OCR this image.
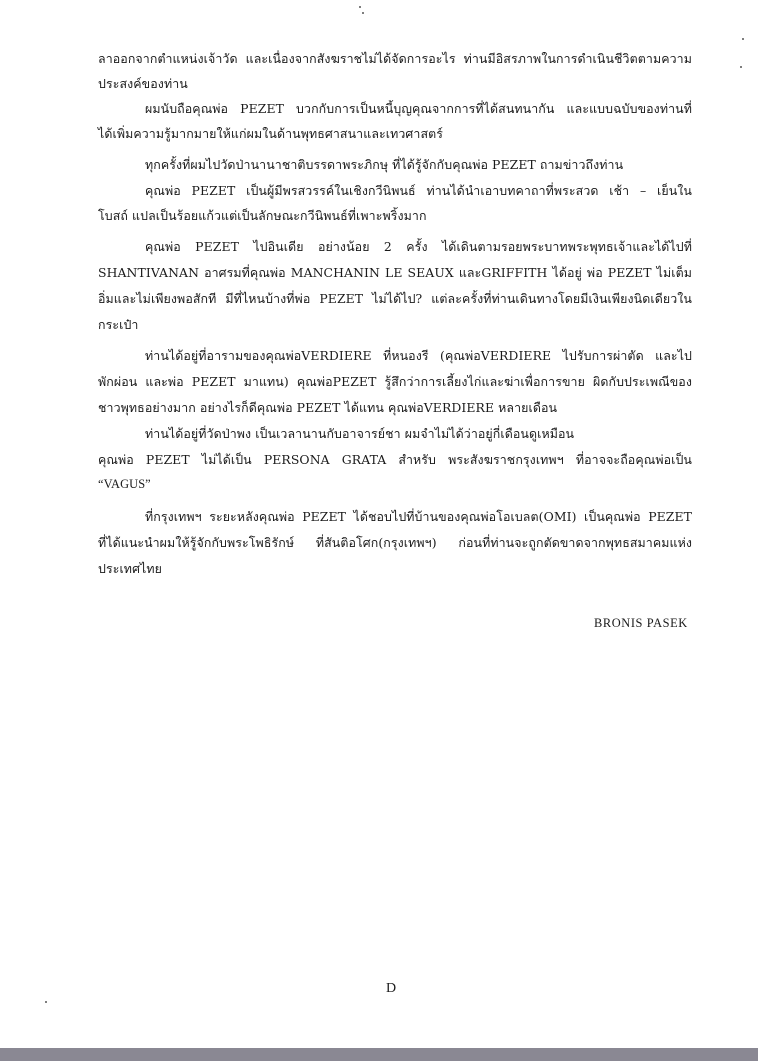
ลาออกจากตำแหน่งเจ้าวัด และเนื่องจากสังฆราชไม่ได้จัดการอะไร ท่านมีอิสรภาพในการดำเนินชีวิตตามความ
ประสงค์ของท่าน
ผมนับถือคุณพ่อ PEZET บวกกับการเป็นหนี้บุญคุณจากการที่ได้สนทนากัน และแบบฉบับของท่านที่
ได้เพิ่มความรู้มากมายให้แก่ผมในด้านพุทธศาสนาและเทวศาสตร์
ทุกครั้งที่ผมไปวัดป่านานาชาติบรรดาพระภิกษุ ที่ได้รู้จักกับคุณพ่อ PEZET ถามข่าวถึงท่าน
คุณพ่อ PEZET เป็นผู้มีพรสวรรค์ในเชิงกวีนิพนธ์ ท่านได้นำเอาบทคาถาที่พระสวด เช้า – เย็นใน
โบสถ์ แปลเป็นร้อยแก้วแต่เป็นลักษณะกวีนิพนธ์ที่เพาะพริ้งมาก
คุณพ่อ PEZET ไปอินเดีย อย่างน้อย 2 ครั้ง ได้เดินตามรอยพระบาทพระพุทธเจ้าและได้ไปที่
SHANTIVANAN อาศรมที่คุณพ่อ MANCHANIN LE SEAUX และGRIFFITH ได้อยู่ พ่อ PEZET ไม่เต็ม
อิ่มและไม่เพียงพอสักที มีที่ไหนบ้างที่พ่อ PEZET ไม่ได้ไป? แต่ละครั้งที่ท่านเดินทางโดยมีเงินเพียงนิดเดียวใน
กระเป๋า
ท่านได้อยู่ที่อารามของคุณพ่อVERDIERE ที่หนองรี (คุณพ่อVERDIERE ไปรับการผ่าตัด และไป
พักผ่อน และพ่อ PEZET มาแทน) คุณพ่อPEZET รู้สึกว่าการเลี้ยงไก่และฆ่าเพื่อการขาย ผิดกับประเพณีของ
ชาวพุทธอย่างมาก อย่างไรก็ดีคุณพ่อ PEZET ได้แทน คุณพ่อVERDIERE หลายเดือน
ท่านได้อยู่ที่วัดป่าพง เป็นเวลานานกับอาจารย์ชา ผมจำไม่ได้ว่าอยู่กี่เดือนดูเหมือน
คุณพ่อ PEZET ไม่ได้เป็น PERSONA GRATA สำหรับ พระสังฆราชกรุงเทพฯ ที่อาจจะถือคุณพ่อเป็น
“VAGUS”
ที่กรุงเทพฯ ระยะหลังคุณพ่อ PEZET ได้ชอบไปที่บ้านของคุณพ่อโอเบลต(OMI) เป็นคุณพ่อ PEZET
ที่ได้แนะนำผมให้รู้จักกับพระโพธิรักษ์ ที่สันติอโศก(กรุงเทพฯ) ก่อนที่ท่านจะถูกตัดขาดจากพุทธสมาคมแห่ง
ประเทศไทย
BRONIS PASEK
D
